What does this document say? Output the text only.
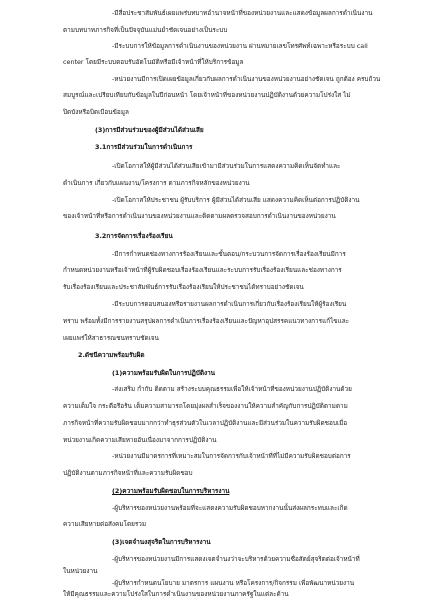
-มีสื่อประชาสัมพันธ์เผยแพร่บทบาทอำนาจหน้าที่ของหน่วยงานและแสดงข้อมูลผลการดำเนินงาน

ตามบทบาทภารกิจที่เป็นปัจจุบันแม่นยำชัดเจนอย่างเป็นระบบ

-มีระบบการให้ข้อมูลการดำเนินงานของหน่วยงาน ผ่านหมายเลขโทรศัพท์เฉพาะหรือระบบ call

center โดยมีระบบตอบรับอัตโนมัติหรือมีเจ้าหน้าที่ให้บริการข้อมูล

-หน่วยงานมีการเปิดเผยข้อมูลเกี่ยวกับผลการดำเนินงานของหน่วยงานอย่างชัดเจน ถูกต้อง ครบถ้วน

สมบูรณ์และเปรียบเทียบกับข้อมูลในปีก่อนหน้า โดยเจ้าหน้าที่ของหน่วยงานปฏิบัติงานด้วยความโปร่งใส ไม่

ปิดบังหรือบิดเบือนข้อมูล

(3)การมีส่วนร่วมของผู้มีส่วนได้ส่วนเสีย

3.1การมีส่วนร่วมในการดำเนินการ

-เปิดโอกาสให้ผู้มีส่วนได้ส่วนเสียเข้ามามีส่วนร่วมในการแสดงความคิดเห็นจัดทำและ

ดำเนินการ เกี่ยวกับแผนงาน/โครงการ ตามภารกิจหลักของหน่วยงาน

-เปิดโอกาสให้ประชาชน ผู้รับบริการ ผู้มีส่วนได้ส่วนเสีย แสดงความคิดเห็นต่อการปฏิบัติงาน

ของเจ้าหน้าที่หรือการดำเนินงานของหน่วยงานและติดตามผลตรวจสอบการดำเนินงานของหน่วยงาน

3.2การจัดการเรื่องร้องเรียน

-มีการกำหนดช่องทางการร้องเรียนและขั้นตอน/กระบวนการจัดการเรื่องร้องเรียนมีการ

กำหนดหน่วยงานหรือเจ้าหน้าที่ผู้รับผิดชอบเรื่องร้องเรียนและระบบการรับเรื่องร้องเรียนและช่องทางการ

รับเรื่องร้องเรียนและประชาสัมพันธ์การรับเรื่องร้องเรียนให้ประชาชนได้ทราบอย่างชัดเจน

-มีระบบการตอบสนองหรือรายงานผลการดำเนินการเกี่ยวกับเรื่องร้องเรียนให้ผู้ร้องเรียน

ทราบ พร้อมทั้งมีการรายงานสรุปผลการดำเนินการเรื่องร้องเรียนและปัญหาอุปสรรคแนวทางการแก้ไขและ

เผยแพร่ให้สาธารณชนทราบชัดเจน

2.ดัชนีความพร้อมรับผิด

(1)ความพร้อมรับผิดในการปฏิบัติงาน

-ส่งเสริม กำกับ ติดตาม สร้างระบบคุณธรรมเพื่อให้เจ้าหน้าที่ของหน่วยงานปฏิบัติงานด้วย

ความเต็มใจ กระตือรือร้น เต็มความสามารถโดยมุ่งผลสำเร็จของงานให้ความสำคัญกับการปฏิบัติตามตาม

ภารกิจหน้าที่ความรับผิดชอบมากกว่าทำธุรส่วนตัวในเวลาปฏิบัติงานและมีส่วนร่วมในความรับผิดชอบเมื่อ

หน่วยงานเกิดความเสียหายอันเนื่องมาจากการปฏิบัติงาน

-หน่วยงานมีมาตรการที่เหมาะสมในการจัดการกับเจ้าหน้าที่ที่ไม่มีความรับผิดชอบต่อการ

ปฏิบัติงานตามภารกิจหน้าที่และความรับผิดชอบ

(2)ความพร้อมรับผิดชอบในการบริหารงาน

-ผู้บริหารของหน่วยงานพร้อมที่จะแสดงความรับผิดชอบหากงานนั้นส่งผลกระทบและเกิด

ความเสียหายต่อสังคมโดยรวม

(3)เจตจำนงสุจริตในการบริหารงาน

-ผู้บริหารของหน่วยงานมีการแสดงเจตจำนงว่าจะบริหารด้วยความซื่อสัตย์สุจริตต่อเจ้าหน้าที่

ในหน่วยงาน

-ผู้บริหารกำหนดนโยบาย มาตรการ แผนงาน หรือโครงการ/กิจกรรม เพื่อพัฒนาหน่วยงาน

ให้มีคุณธรรมและความโปร่งใสในการดำเนินงานของหน่วยงานภาครัฐในแต่ละด้าน
